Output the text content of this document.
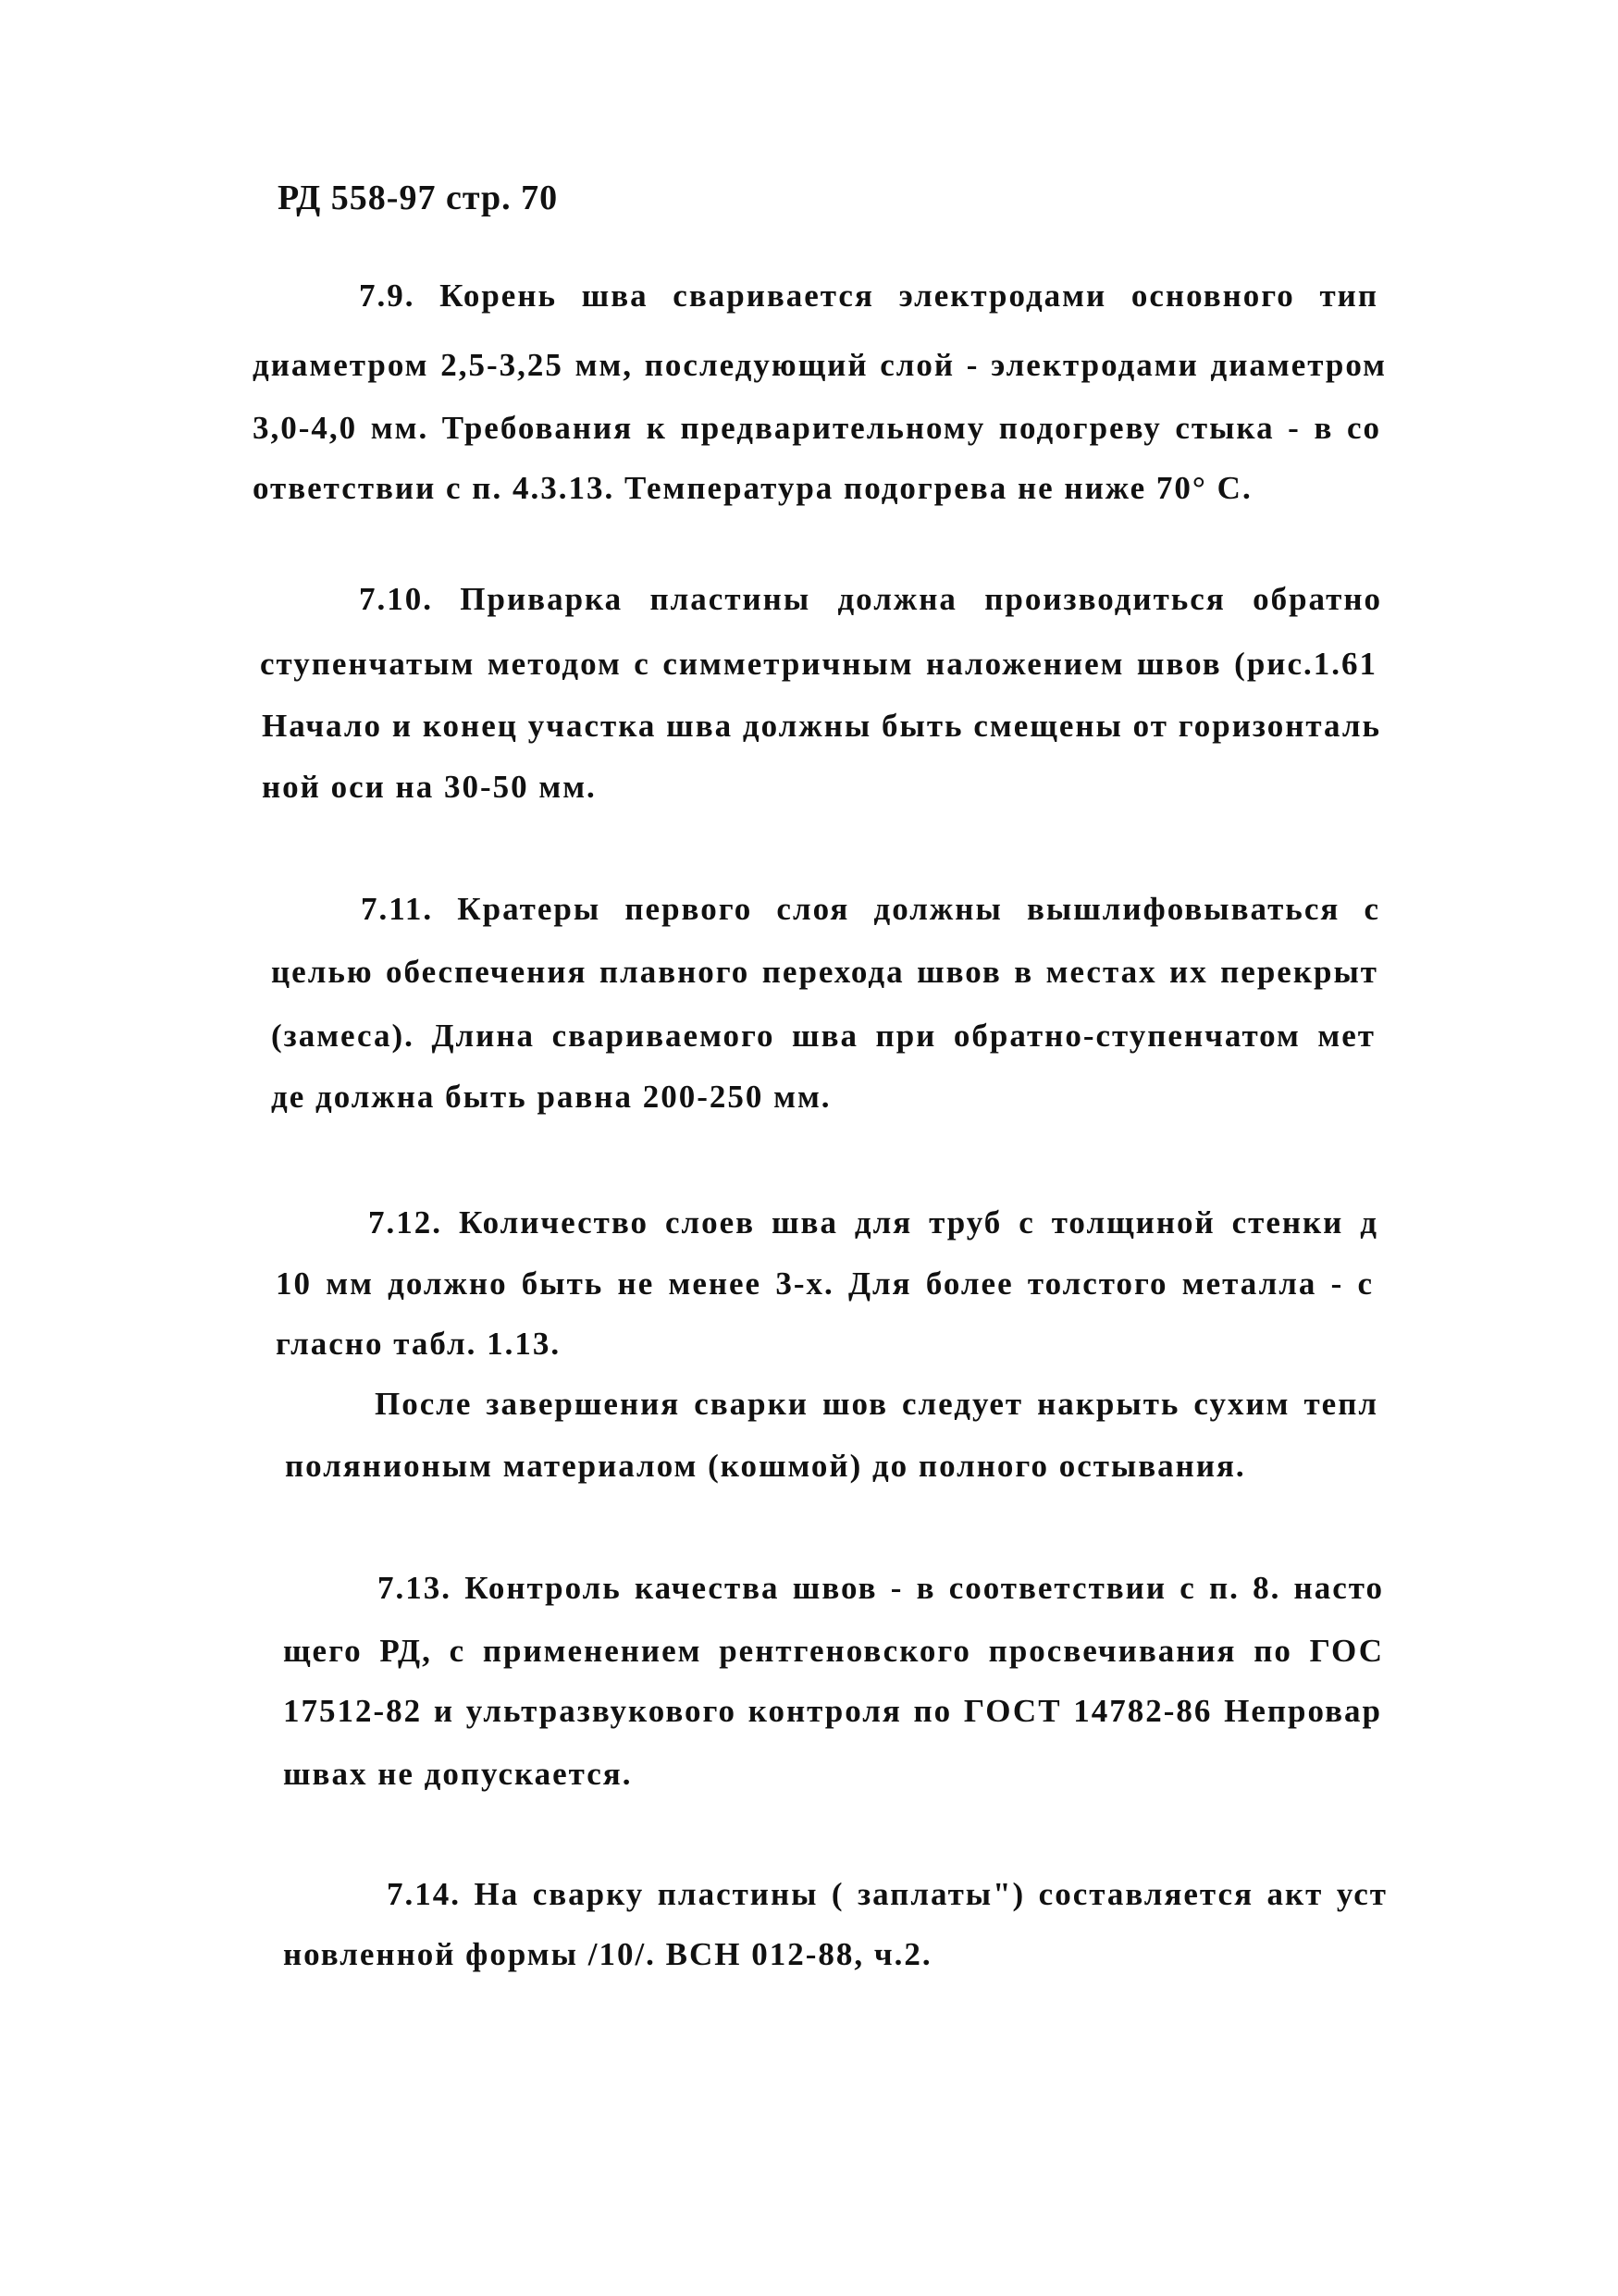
РД 558-97 стр. 70
7.9. Корень шва сваривается электродами основного тип
диаметром 2,5-3,25 мм, последующий слой - электродами диаметром
3,0-4,0 мм. Требования к предварительному подогреву стыка - в со
ответствии с п. 4.3.13. Температура подогрева не ниже 70° С.
7.10. Приварка пластины должна производиться обратно
ступенчатым методом с симметричным наложением швов (рис.1.61
Начало и конец участка шва должны быть смещены от горизонталь
ной оси на 30-50 мм.
7.11. Кратеры первого слоя должны вышлифовываться с
целью обеспечения плавного перехода швов в местах их перекрыт
(замеса). Длина свариваемого шва при обратно-ступенчатом мет
де должна быть равна 200-250 мм.
7.12. Количество слоев шва для труб с толщиной стенки д
10 мм должно быть не менее 3-х. Для более толстого металла - с
гласно табл. 1.13.
После завершения сварки шов следует накрыть сухим тепл
полянионым материалом (кошмой) до полного остывания.
7.13. Контроль качества швов - в соответствии с п. 8. насто
щего РД, с применением рентгеновского просвечивания по ГОС
17512-82 и ультразвукового контроля по ГОСТ 14782-86 Непровар
шваx не допускается.
7.14. На сварку пластины ( заплаты") составляется акт уст
новленной формы /10/. ВСН 012-88, ч.2.
